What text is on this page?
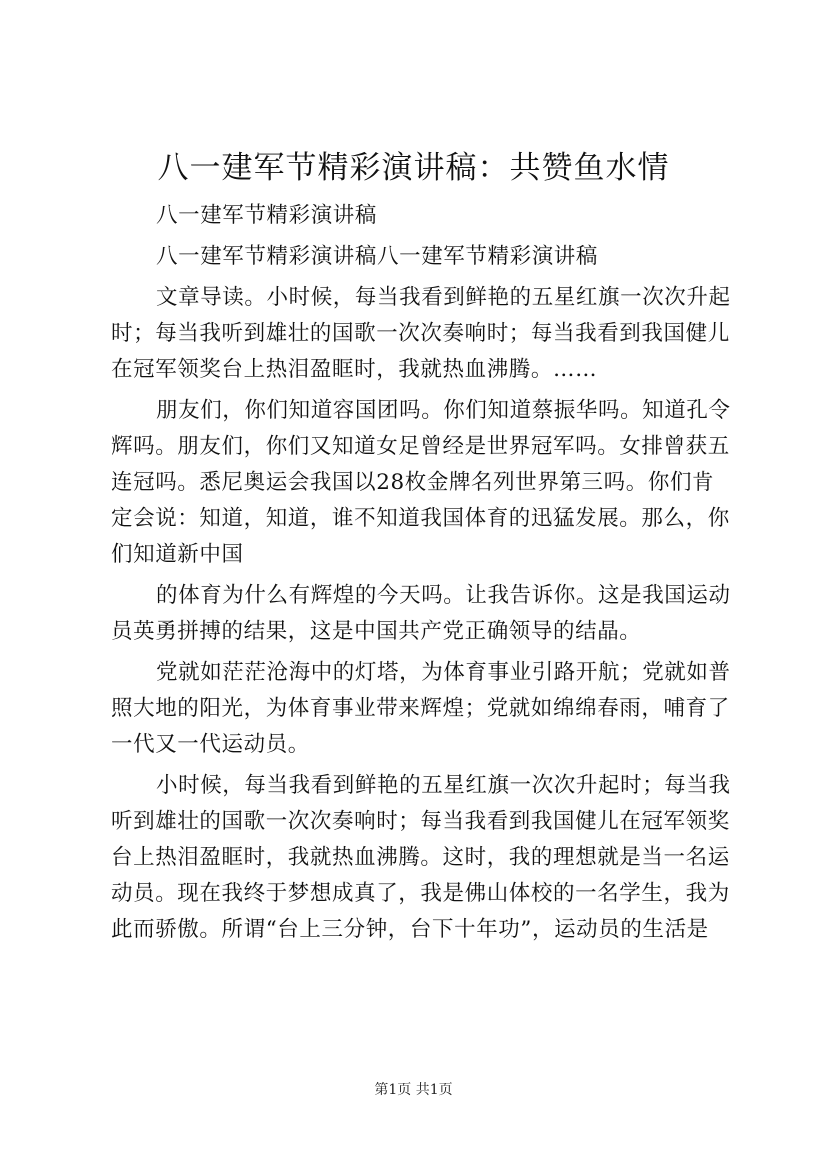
八一建军节精彩演讲稿：共赞鱼水情
八一建军节精彩演讲稿
八一建军节精彩演讲稿八一建军节精彩演讲稿
文章导读。小时候，每当我看到鲜艳的五星红旗一次次升起
时；每当我听到雄壮的国歌一次次奏响时；每当我看到我国健儿
在冠军领奖台上热泪盈眶时，我就热血沸腾。……
朋友们，你们知道容国团吗。你们知道蔡振华吗。知道孔令
辉吗。朋友们，你们又知道女足曾经是世界冠军吗。女排曾获五
连冠吗。悉尼奥运会我国以28枚金牌名列世界第三吗。你们肯
定会说：知道，知道，谁不知道我国体育的迅猛发展。那么，你
们知道新中国
的体育为什么有辉煌的今天吗。让我告诉你。这是我国运动
员英勇拼搏的结果，这是中国共产党正确领导的结晶。
党就如茫茫沧海中的灯塔，为体育事业引路开航；党就如普
照大地的阳光，为体育事业带来辉煌；党就如绵绵春雨，哺育了
一代又一代运动员。
小时候，每当我看到鲜艳的五星红旗一次次升起时；每当我
听到雄壮的国歌一次次奏响时；每当我看到我国健儿在冠军领奖
台上热泪盈眶时，我就热血沸腾。这时，我的理想就是当一名运
动员。现在我终于梦想成真了，我是佛山体校的一名学生，我为
此而骄傲。所谓“台上三分钟，台下十年功”，运动员的生活是
第1页 共1页
